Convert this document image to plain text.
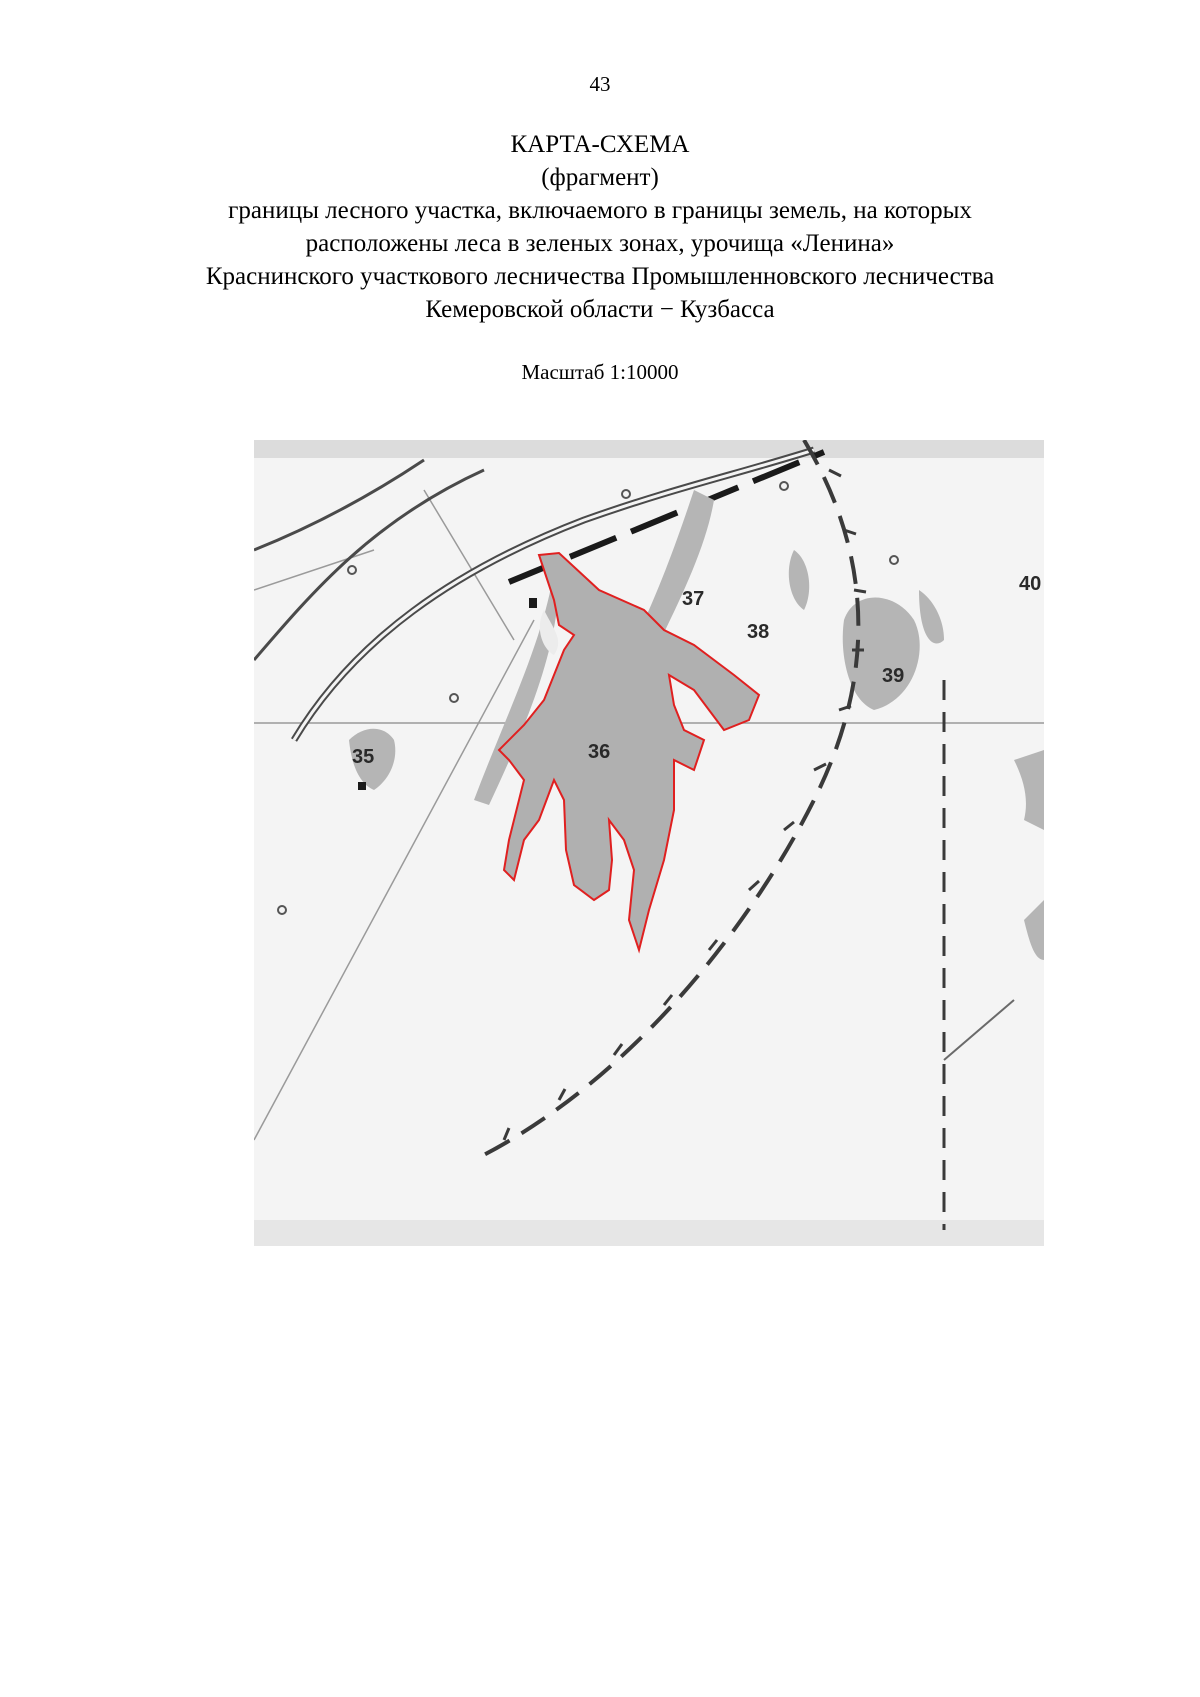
43
КАРТА-СХЕМА
(фрагмент)
границы лесного участка, включаемого в границы земель, на которых
расположены леса в зеленых зонах, урочища «Ленина»
Краснинского участкового лесничества Промышленновского лесничества
Кемеровской области − Кузбасса
Масштаб 1:10000
35	36
37
38
39
40
